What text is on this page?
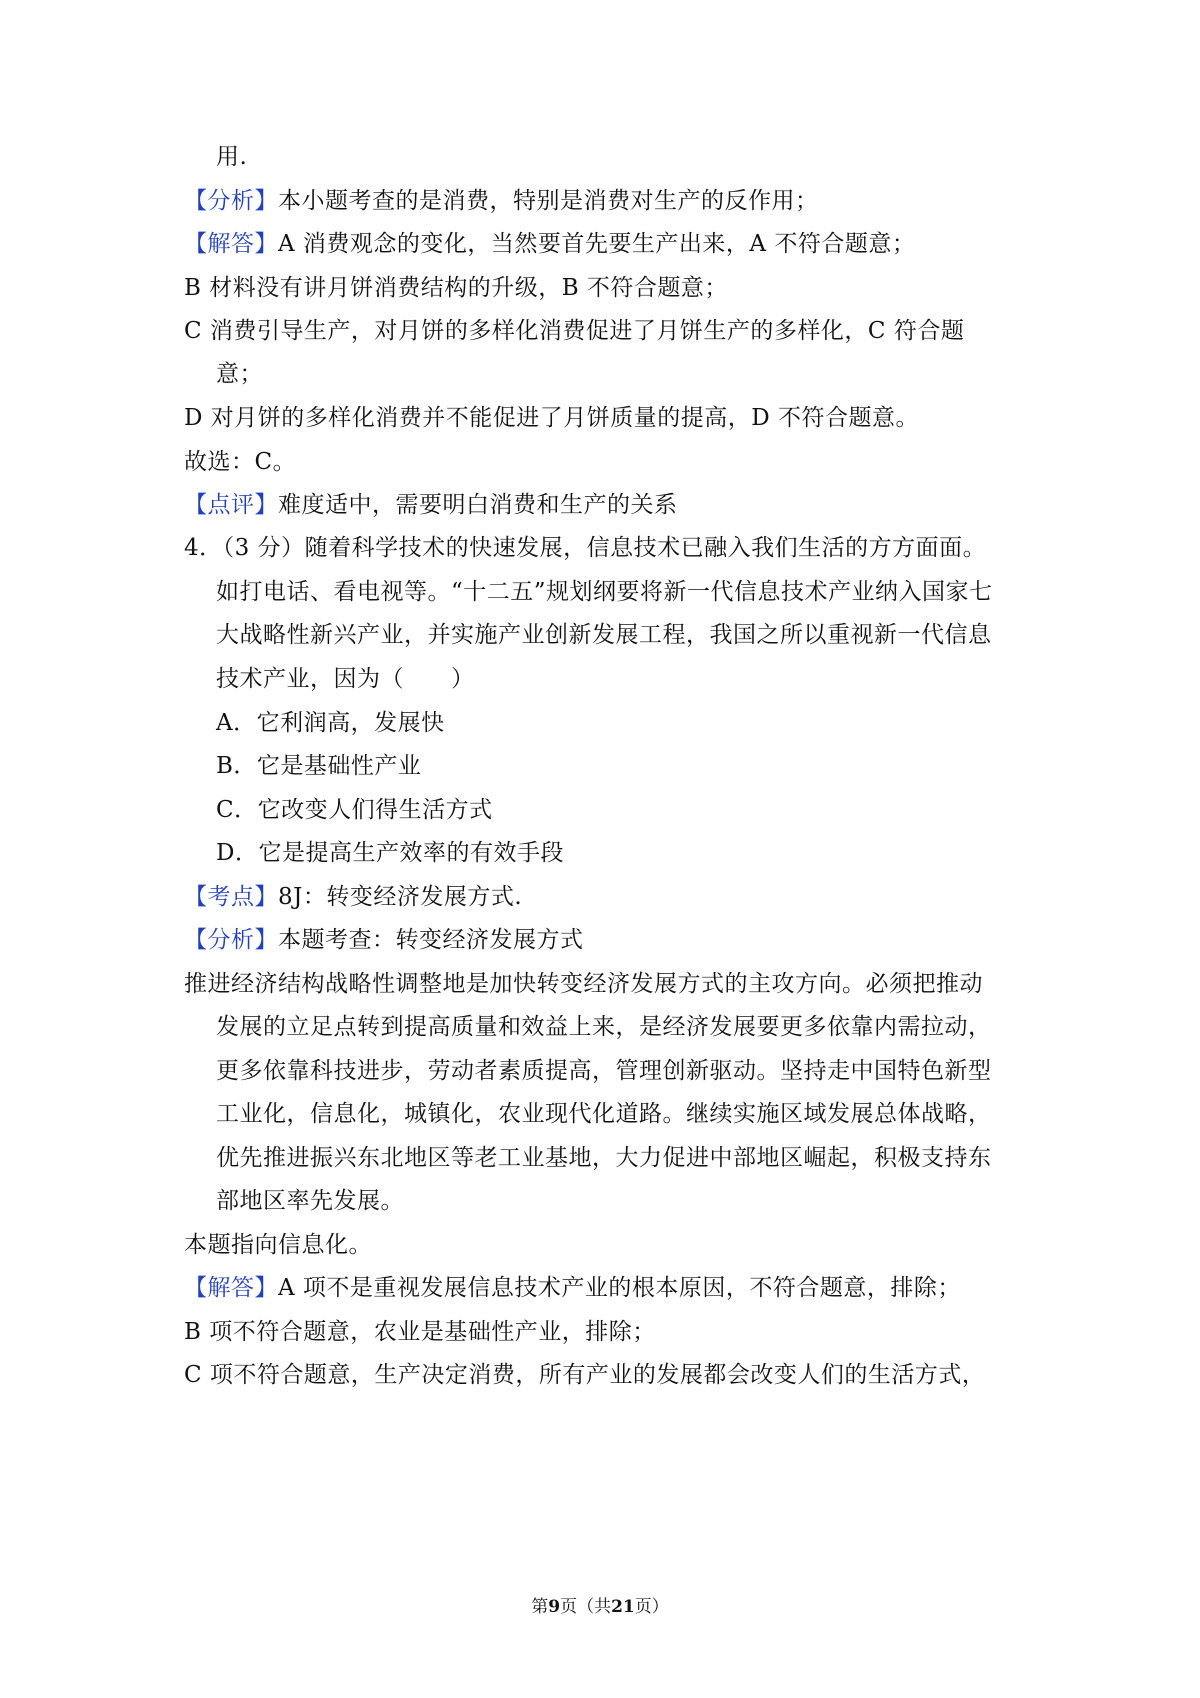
用.
【分析】本小题考查的是消费，特别是消费对生产的反作用；
【解答】A 消费观念的变化，当然要首先要生产出来，A 不符合题意；
B 材料没有讲月饼消费结构的升级，B 不符合题意；
C 消费引导生产，对月饼的多样化消费促进了月饼生产的多样化，C 符合题
意；
D 对月饼的多样化消费并不能促进了月饼质量的提高，D 不符合题意。
故选：C。
【点评】难度适中，需要明白消费和生产的关系
4．（3 分）随着科学技术的快速发展，信息技术已融入我们生活的方方面面。
如打电话、看电视等。“十二五”规划纲要将新一代信息技术产业纳入国家七
大战略性新兴产业，并实施产业创新发展工程，我国之所以重视新一代信息
技术产业，因为（　　）
A．它利润高，发展快
B．它是基础性产业
C．它改变人们得生活方式
D．它是提高生产效率的有效手段
【考点】8J：转变经济发展方式.
【分析】本题考查：转变经济发展方式
推进经济结构战略性调整地是加快转变经济发展方式的主攻方向。必须把推动
发展的立足点转到提高质量和效益上来，是经济发展要更多依靠内需拉动，
更多依靠科技进步，劳动者素质提高，管理创新驱动。坚持走中国特色新型
工业化，信息化，城镇化，农业现代化道路。继续实施区域发展总体战略，
优先推进振兴东北地区等老工业基地，大力促进中部地区崛起，积极支持东
部地区率先发展。
本题指向信息化。
【解答】A 项不是重视发展信息技术产业的根本原因，不符合题意，排除；
B 项不符合题意，农业是基础性产业，排除；
C 项不符合题意，生产决定消费，所有产业的发展都会改变人们的生活方式，
第9页（共21页）
